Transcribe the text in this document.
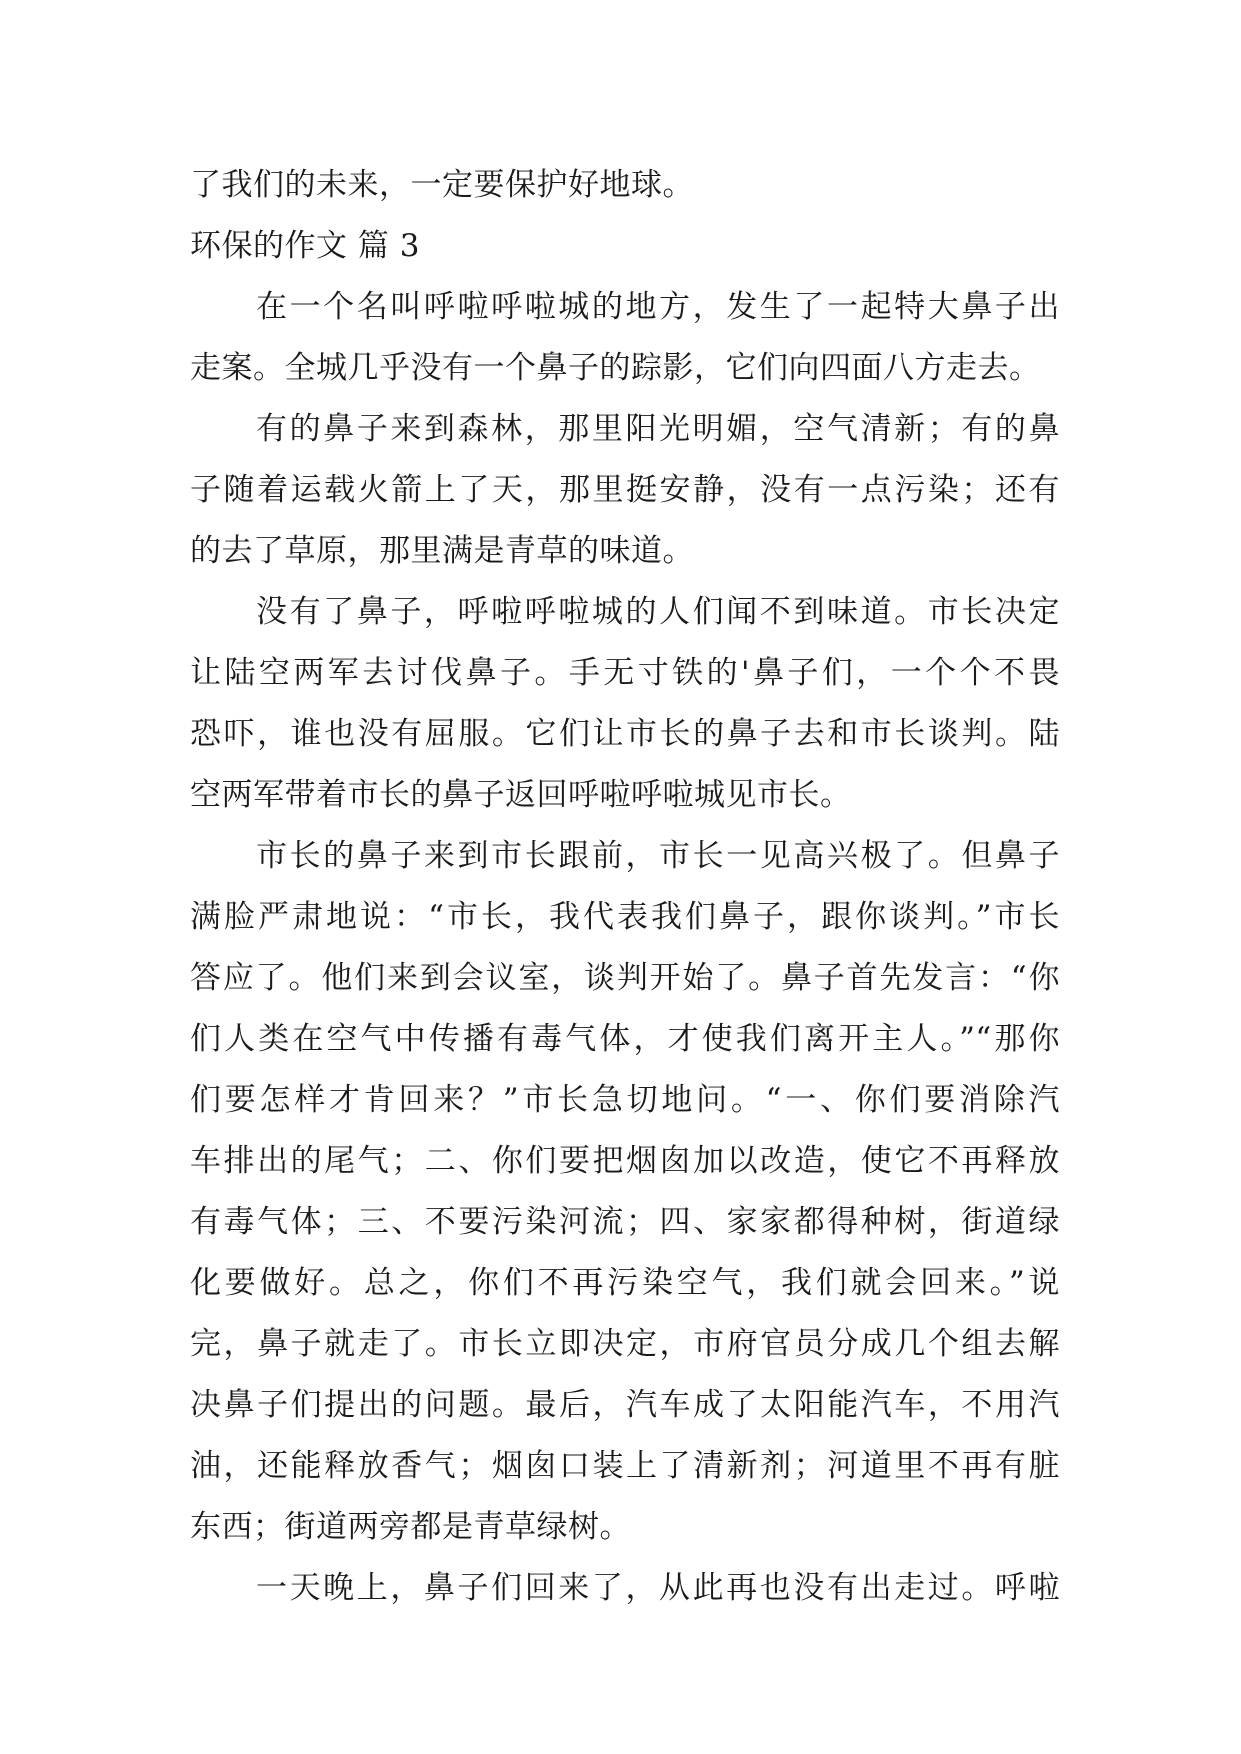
了我们的未来，一定要保护好地球。
环保的作文 篇 3
在一个名叫呼啦呼啦城的地方，发生了一起特大鼻子出
走案。全城几乎没有一个鼻子的踪影，它们向四面八方走去。
有的鼻子来到森林，那里阳光明媚，空气清新；有的鼻
子随着运载火箭上了天，那里挺安静，没有一点污染；还有
的去了草原，那里满是青草的味道。
没有了鼻子，呼啦呼啦城的人们闻不到味道。市长决定
让陆空两军去讨伐鼻子。手无寸铁的'鼻子们，一个个不畏
恐吓，谁也没有屈服。它们让市长的鼻子去和市长谈判。陆
空两军带着市长的鼻子返回呼啦呼啦城见市长。
市长的鼻子来到市长跟前，市长一见高兴极了。但鼻子
满脸严肃地说：“市长，我代表我们鼻子，跟你谈判。”市长
答应了。他们来到会议室，谈判开始了。鼻子首先发言：“你
们人类在空气中传播有毒气体，才使我们离开主人。”“那你
们要怎样才肯回来？”市长急切地问。“一、你们要消除汽
车排出的尾气；二、你们要把烟囱加以改造，使它不再释放
有毒气体；三、不要污染河流；四、家家都得种树，街道绿
化要做好。总之，你们不再污染空气，我们就会回来。”说
完，鼻子就走了。市长立即决定，市府官员分成几个组去解
决鼻子们提出的问题。最后，汽车成了太阳能汽车，不用汽
油，还能释放香气；烟囱口装上了清新剂；河道里不再有脏
东西；街道两旁都是青草绿树。
一天晚上，鼻子们回来了，从此再也没有出走过。呼啦
